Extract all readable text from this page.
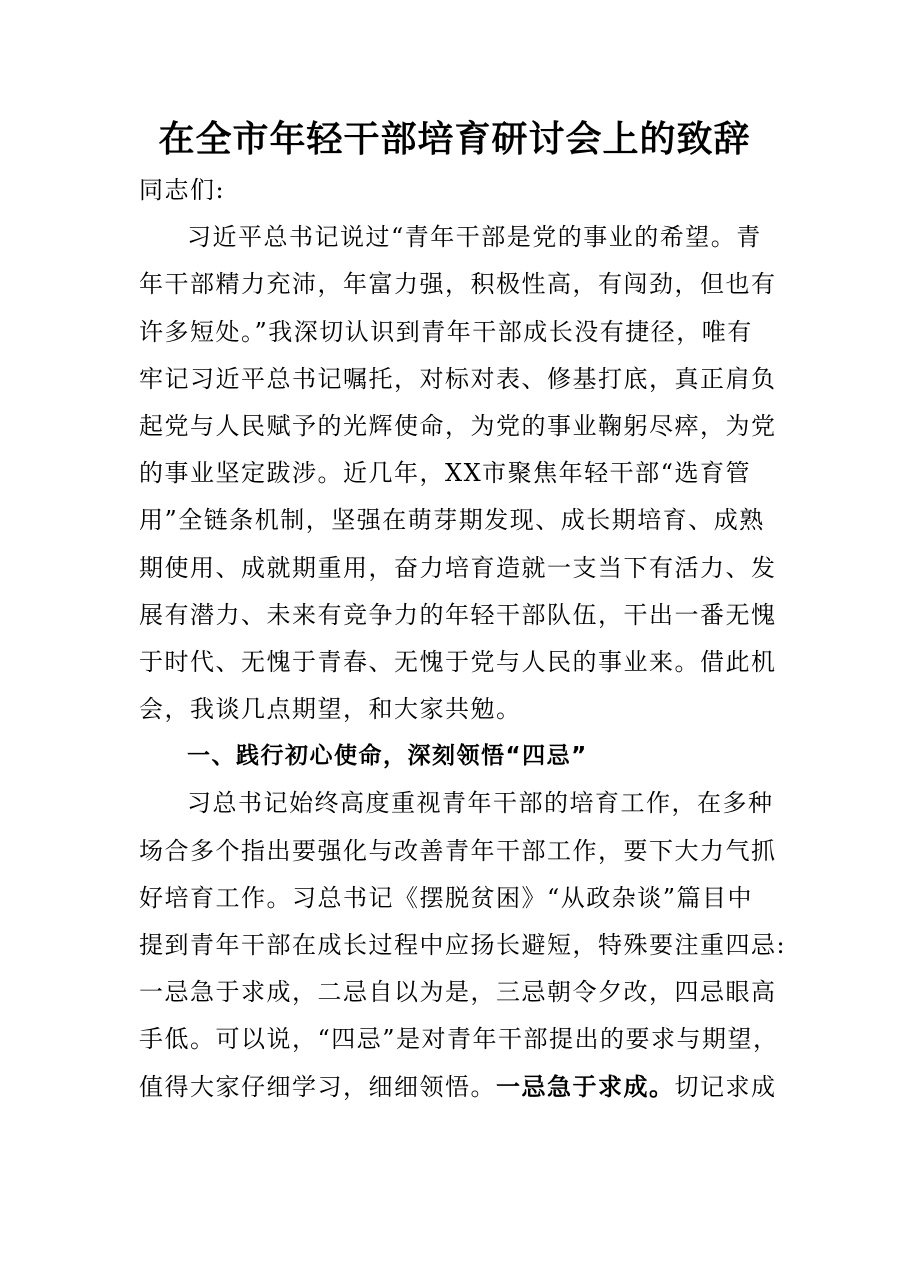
在全市年轻干部培育研讨会上的致辞
同志们:
习近平总书记说过“青年干部是党的事业的希望。青
年干部精力充沛，年富力强，积极性高，有闯劲，但也有
许多短处。”我深切认识到青年干部成长没有捷径，唯有
牢记习近平总书记嘱托，对标对表、修基打底，真正肩负
起党与人民赋予的光辉使命，为党的事业鞠躬尽瘁，为党
的事业坚定跋涉。近几年，XX市聚焦年轻干部“选育管
用”全链条机制，坚强在萌芽期发现、成长期培育、成熟
期使用、成就期重用，奋力培育造就一支当下有活力、发
展有潜力、未来有竞争力的年轻干部队伍，干出一番无愧
于时代、无愧于青春、无愧于党与人民的事业来。借此机
会，我谈几点期望，和大家共勉。
一、践行初心使命，深刻领悟“四忌”
习总书记始终高度重视青年干部的培育工作，在多种
场合多个指出要强化与改善青年干部工作，要下大力气抓
好培育工作。习总书记《摆脱贫困》“从政杂谈”篇目中
提到青年干部在成长过程中应扬长避短，特殊要注重四忌:
一忌急于求成，二忌自以为是，三忌朝令夕改，四忌眼高
手低。可以说，“四忌”是对青年干部提出的要求与期望，
值得大家仔细学习，细细领悟。一忌急于求成。切记求成
